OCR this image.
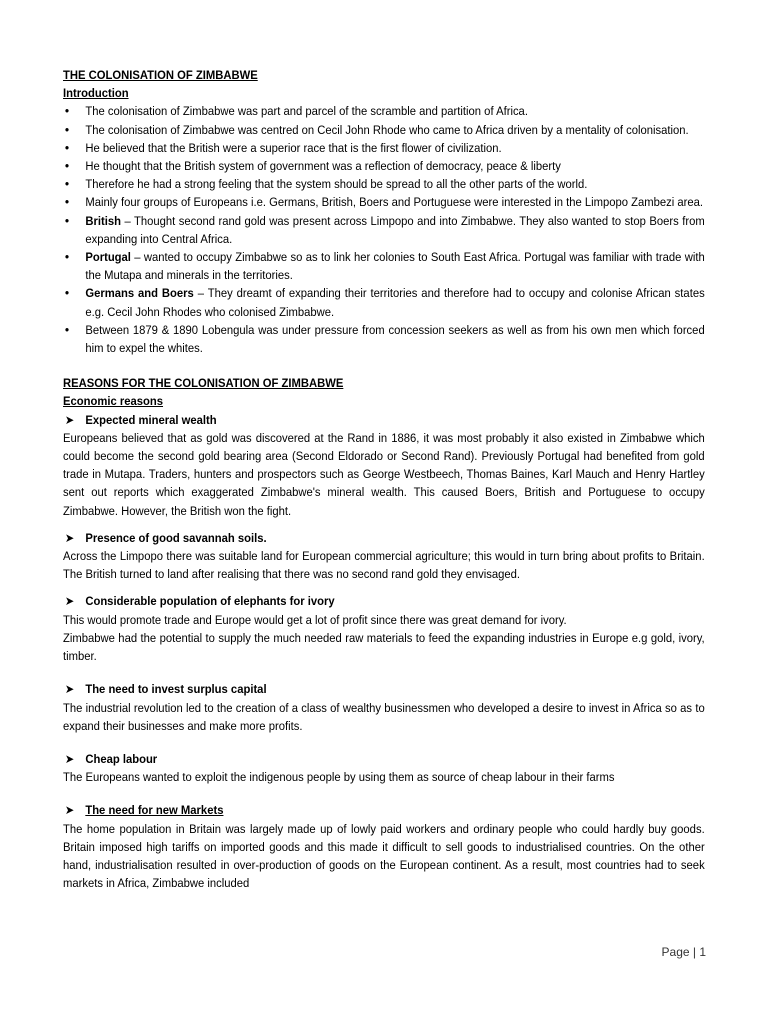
THE COLONISATION OF ZIMBABWE
Introduction
• The colonisation of Zimbabwe was part and parcel of the scramble and partition of Africa.
• The colonisation of Zimbabwe was centred on Cecil John Rhode who came to Africa driven by a mentality of colonisation.
• He believed that the British were a superior race that is the first flower of civilization.
• He thought that the British system of government was a reflection of democracy, peace & liberty
• Therefore he had a strong feeling that the system should be spread to all the other parts of the world.
• Mainly four groups of Europeans i.e. Germans, British, Boers and Portuguese were interested in the Limpopo Zambezi area.
• British – Thought second rand gold was present across Limpopo and into Zimbabwe. They also wanted to stop Boers from expanding into Central Africa.
• Portugal – wanted to occupy Zimbabwe so as to link her colonies to South East Africa. Portugal was familiar with trade with the Mutapa and minerals in the territories.
• Germans and Boers – They dreamt of expanding their territories and therefore had to occupy and colonise African states e.g. Cecil John Rhodes who colonised Zimbabwe.
• Between 1879 & 1890 Lobengula was under pressure from concession seekers as well as from his own men which forced him to expel the whites.
REASONS FOR THE COLONISATION OF ZIMBABWE
Economic reasons
➤ Expected mineral wealth

Europeans believed that as gold was discovered at the Rand in 1886, it was most probably it also existed in Zimbabwe which could become the second gold bearing area (Second Eldorado or Second Rand). Previously Portugal had benefited from gold trade in Mutapa. Traders, hunters and prospectors such as George Westbeech, Thomas Baines, Karl Mauch and Henry Hartley sent out reports which exaggerated Zimbabwe's mineral wealth. This caused Boers, British and Portuguese to occupy Zimbabwe. However, the British won the fight.

➤ Presence of good savannah soils.

Across the Limpopo there was suitable land for European commercial agriculture; this would in turn bring about profits to Britain. The British turned to land after realising that there was no second rand gold they envisaged.

➤ Considerable population of elephants for ivory

This would promote trade and Europe would get a lot of profit since there was great demand for ivory.

Zimbabwe had the potential to supply the much needed raw materials to feed the expanding industries in Europe e.g gold, ivory, timber.

➤ The need to invest surplus capital

The industrial revolution led to the creation of a class of wealthy businessmen who developed a desire to invest in Africa so as to expand their businesses and make more profits.

➤ Cheap labour

The Europeans wanted to exploit the indigenous people by using them as source of cheap labour in their farms

➤ The need for new Markets

The home population in Britain was largely made up of lowly paid workers and ordinary people who could hardly buy goods. Britain imposed high tariffs on imported goods and this made it difficult to sell goods to industrialised countries. On the other hand, industrialisation resulted in over-production of goods on the European continent. As a result, most countries had to seek markets in Africa, Zimbabwe included

Page | 1
